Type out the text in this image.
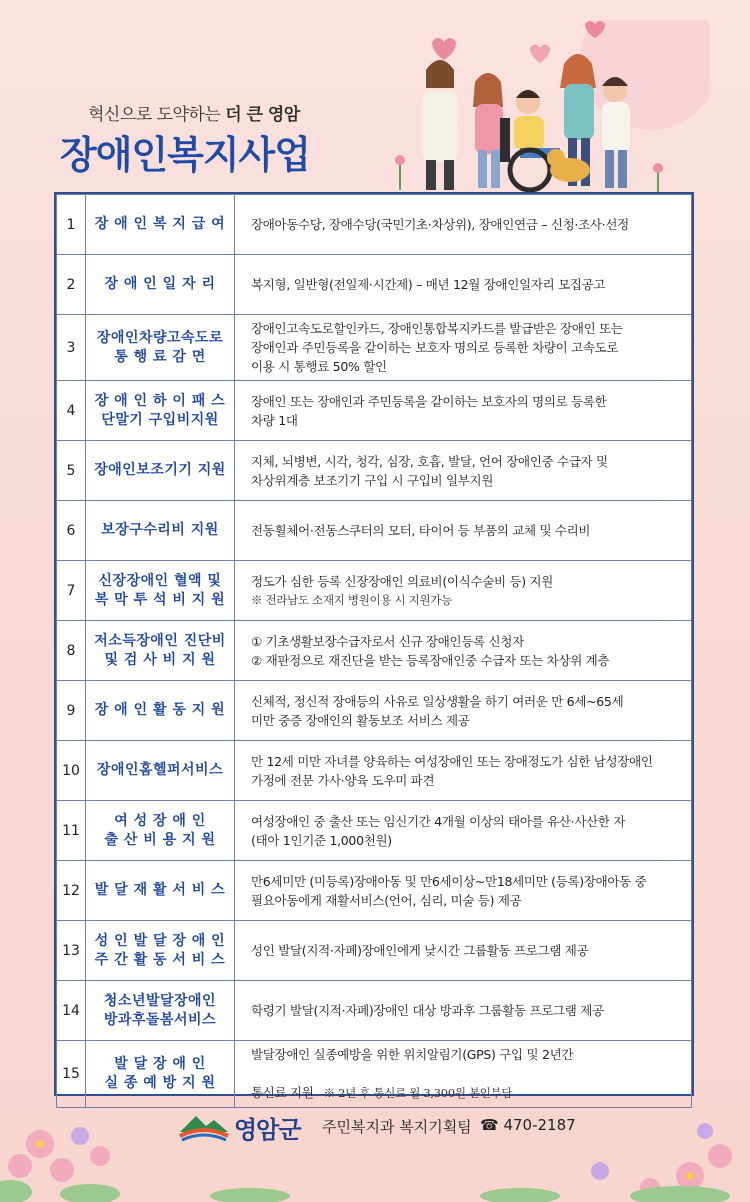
혁신으로 도약하는 더 큰 영암
장애인복지사업
1	장 애 인 복 지 급 여	장애아동수당, 장애수당(국민기초·차상위), 장애인연금 – 신청·조사·선정

2	장 애 인 일 자 리	복지형, 일반형(전일제·시간제) – 매년 12월 장애인일자리 모집공고

3	장애인차량고속도로
통 행 료 감 면	장애인고속도로할인카드, 장애인통합복지카드를 발급받은 장애인 또는
장애인과 주민등록을 같이하는 보호자 명의로 등록한 차량이 고속도로
이용 시 통행료 50% 할인

4	장 애 인 하 이 패 스
단말기 구입비지원	장애인 또는 장애인과 주민등록을 같이하는 보호자의 명의로 등록한
차량 1대

5	장애인보조기기 지원	지체, 뇌병변, 시각, 청각, 심장, 호흡, 발달, 언어 장애인중 수급자 및
차상위계층 보조기기 구입 시 구입비 일부지원

6	보장구수리비 지원	전동휠체어·전동스쿠터의 모터, 타이어 등 부품의 교체 및 수리비

7	신장장애인 혈액 및
복 막 투 석 비 지 원	정도가 심한 등록 신장장애인 의료비(이식수술비 등) 지원
※ 전라남도 소재지 병원이용 시 지원가능

8	저소득장애인 진단비
및 검 사 비 지 원	① 기초생활보장수급자로서 신규 장애인등록 신청자
② 재판정으로 재진단을 받는 등록장애인중 수급자 또는 차상위 계층

9	장 애 인 활 동 지 원	신체적, 정신적 장애등의 사유로 일상생활을 하기 여러운 만 6세~65세
미만 중증 장애인의 활동보조 서비스 제공

10	장애인홈헬퍼서비스	만 12세 미만 자녀를 양육하는 여성장애인 또는 장애정도가 심한 남성장애인
가정에 전문 가사·양육 도우미 파견

11	여 성 장 애 인
출 산 비 용 지 원	여성장애인 중 출산 또는 임신기간 4개월 이상의 태아를 유산·사산한 자
(태아 1인기준 1,000천원)

12	발 달 재 활 서 비 스	만6세미만 (미등록)장애아동 및 만6세이상~만18세미만 (등록)장애아동 중
필요아동에게 재활서비스(언어, 심리, 미술 등) 제공

13	성 인 발 달 장 애 인
주 간 활 동 서 비 스	성인 발달(지적·자폐)장애인에게 낮시간 그룹활동 프로그램 제공

14	청소년발달장애인
방과후돌봄서비스	학령기 발달(지적·자폐)장애인 대상 방과후 그룹활동 프로그램 제공

15	발 달 장 애 인
실 종 예 방 지 원	발달장애인 실종예방을 위한 위치알림기(GPS) 구입 및 2년간

통신료 지원 ※ 2년 후 통신료 월 3,300원 본인부담
영암군 주민복지과 복지기획팀 ☎ 470-2187
